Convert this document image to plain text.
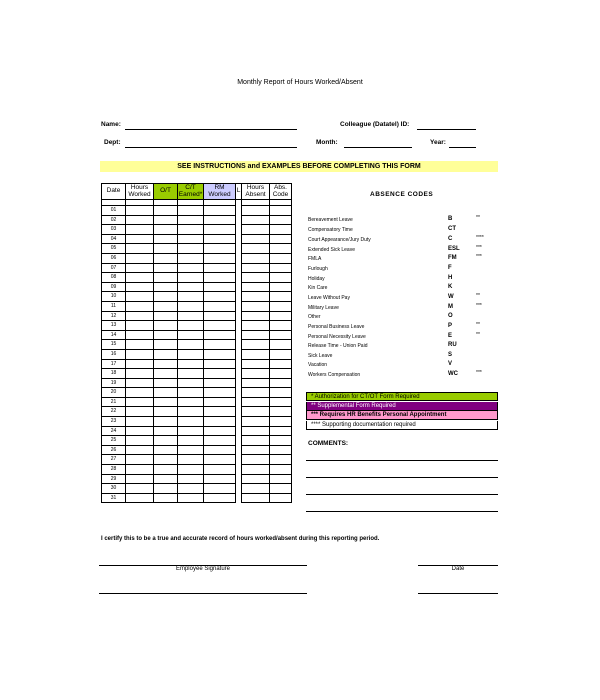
Monthly Report of Hours Worked/Absent
Name:	Colleague (Datatel) ID:
Dept:	Month:	Year:
SEE INSTRUCTIONS and EXAMPLES BEFORE COMPLETING THIS FORM
Date	Hours Worked	O/T	C/T Earned*	RM Worked	L	Hours Absent	Abs. Code

01							
02							
03							
04							
05							
06							
07							
08							
09							
10							
11							
12							
13							
14							
15							
16							
17							
18							
19							
20							
21							
22							
23							
24							
25							
26							
27							
28							
29							
30							
31							
ABSENCE CODES
Bereavement Leave	B	**
Compensatory Time	CT
Court Appearance/Jury Duty	C	****
Extended Sick Leave	ESL	***
FMLA	FM	***
Furlough	F
Holiday	H
Kin Care	K
Leave Without Pay	W	**
Military Leave	M	***
Other	O
Personal Business Leave	P	**
Personal Necessity Leave	E	**
Release Time - Union Paid	RU
Sick Leave	S
Vacation	V
Workers Compensation	WC	***
* Authorization for CT/OT Form Required
** Supplemental Form Required
*** Requires HR Benefits Personal Appointment
**** Supporting documentation required
COMMENTS:
I certify this to be a true and accurate record of hours worked/absent during this reporting period.
Employee Signature	Date
